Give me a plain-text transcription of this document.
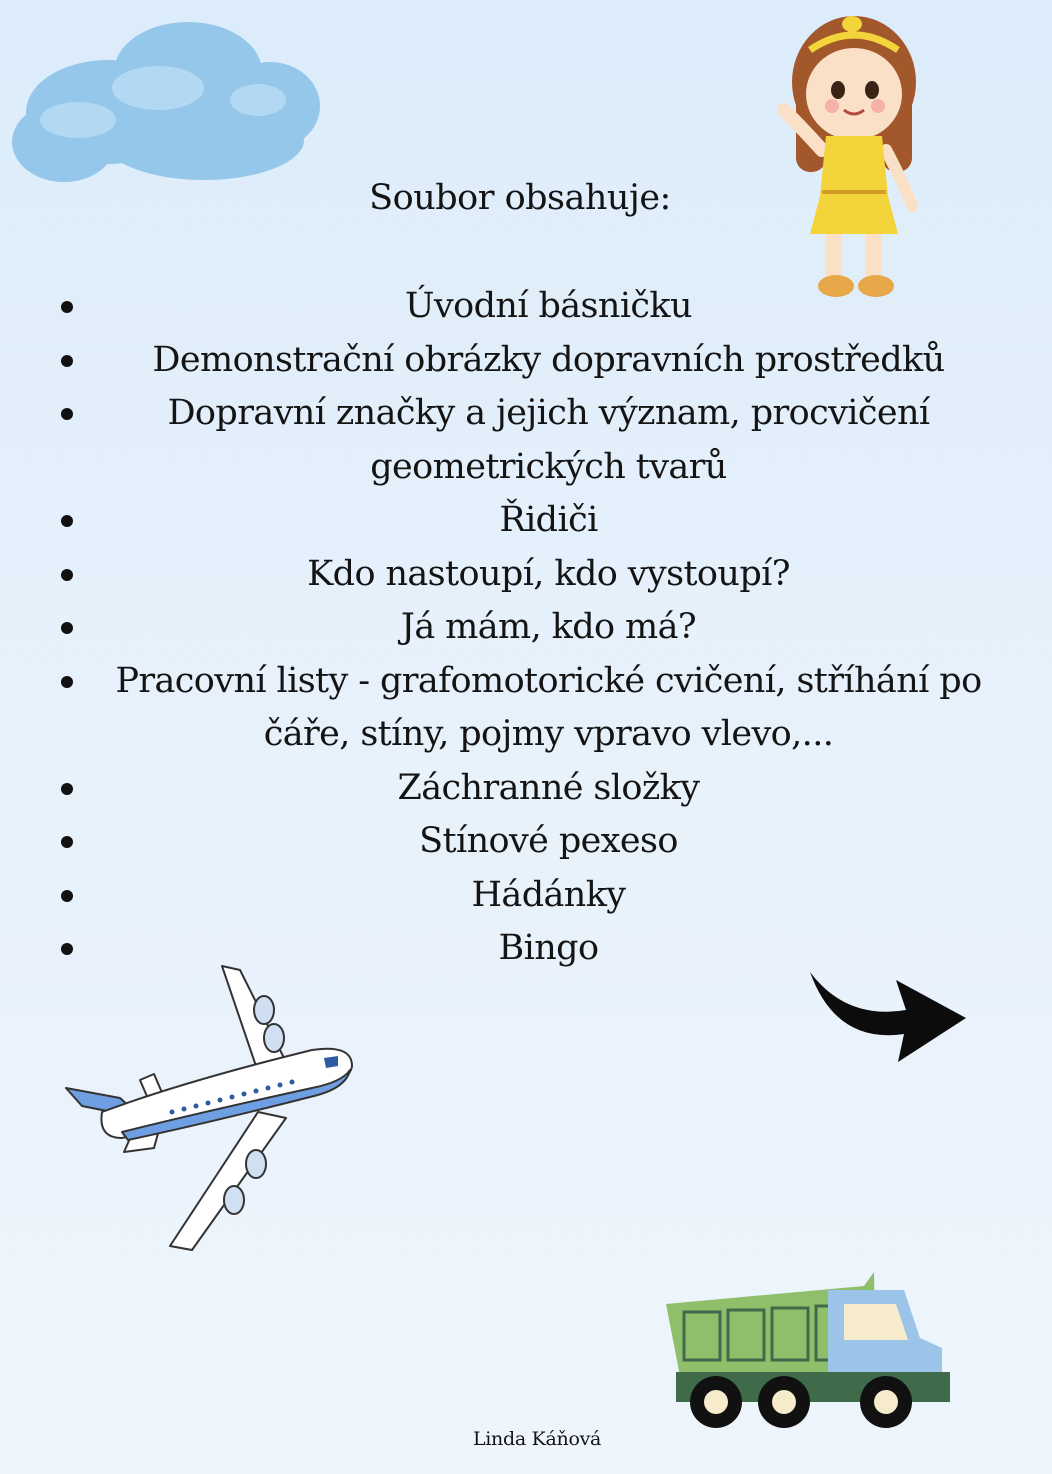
Soubor obsahuje:
Úvodní básničku
Demonstrační obrázky dopravních prostředků
Dopravní značky a jejich význam, procvičení geometrických tvarů
Řidiči
Kdo nastoupí, kdo vystoupí?
Já mám, kdo má?
Pracovní listy - grafomotorické cvičení, stříhání po čáře, stíny, pojmy vpravo vlevo,...
Záchranné složky
Stínové pexeso
Hádánky
Bingo
Linda Káňová
